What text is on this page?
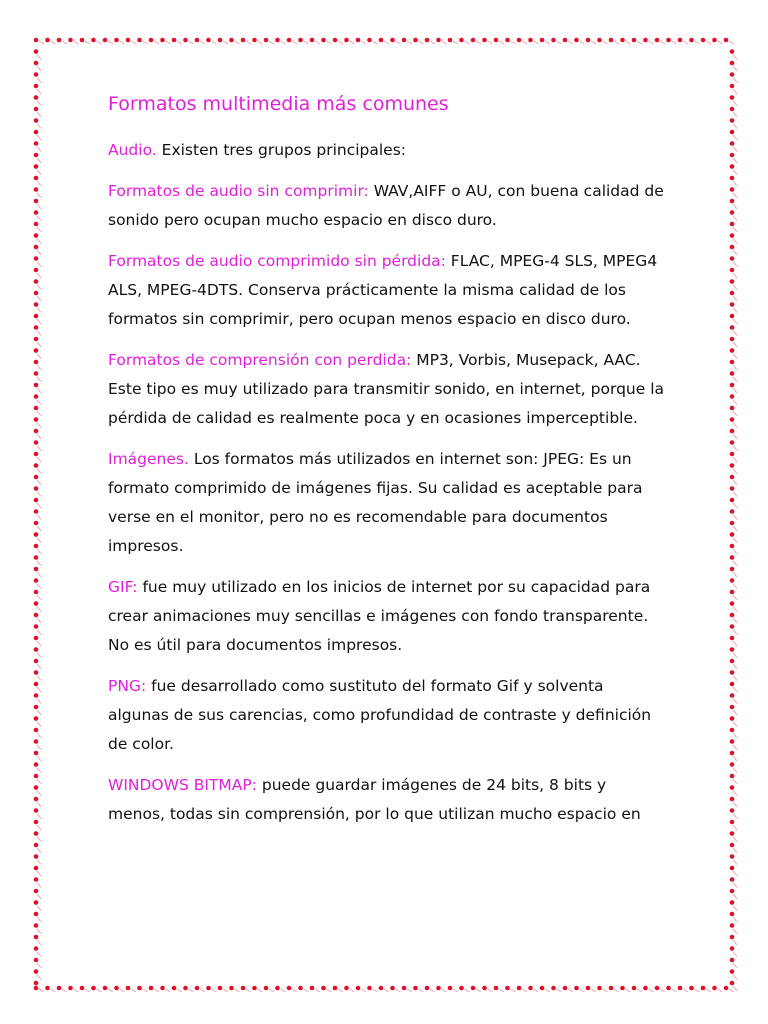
Formatos multimedia más comunes

Audio. Existen tres grupos principales:

Formatos de audio sin comprimir: WAV,AIFF o AU, con buena calidad de sonido pero ocupan mucho espacio en disco duro.

Formatos de audio comprimido sin pérdida: FLAC, MPEG-4 SLS, MPEG4 ALS, MPEG-4DTS. Conserva prácticamente la misma calidad de los formatos sin comprimir, pero ocupan menos espacio en disco duro.

Formatos de comprensión con perdida: MP3, Vorbis, Musepack, AAC. Este tipo es muy utilizado para transmitir sonido, en internet, porque la pérdida de calidad es realmente poca y en ocasiones imperceptible.

Imágenes. Los formatos más utilizados en internet son: JPEG: Es un formato comprimido de imágenes fijas. Su calidad es aceptable para verse en el monitor, pero no es recomendable para documentos impresos.

GIF: fue muy utilizado en los inicios de internet por su capacidad para crear animaciones muy sencillas e imágenes con fondo transparente. No es útil para documentos impresos.

PNG: fue desarrollado como sustituto del formato Gif y solventa algunas de sus carencias, como profundidad de contraste y definición de color.

WINDOWS BITMAP: puede guardar imágenes de 24 bits, 8 bits y menos, todas sin comprensión, por lo que utilizan mucho espacio en
